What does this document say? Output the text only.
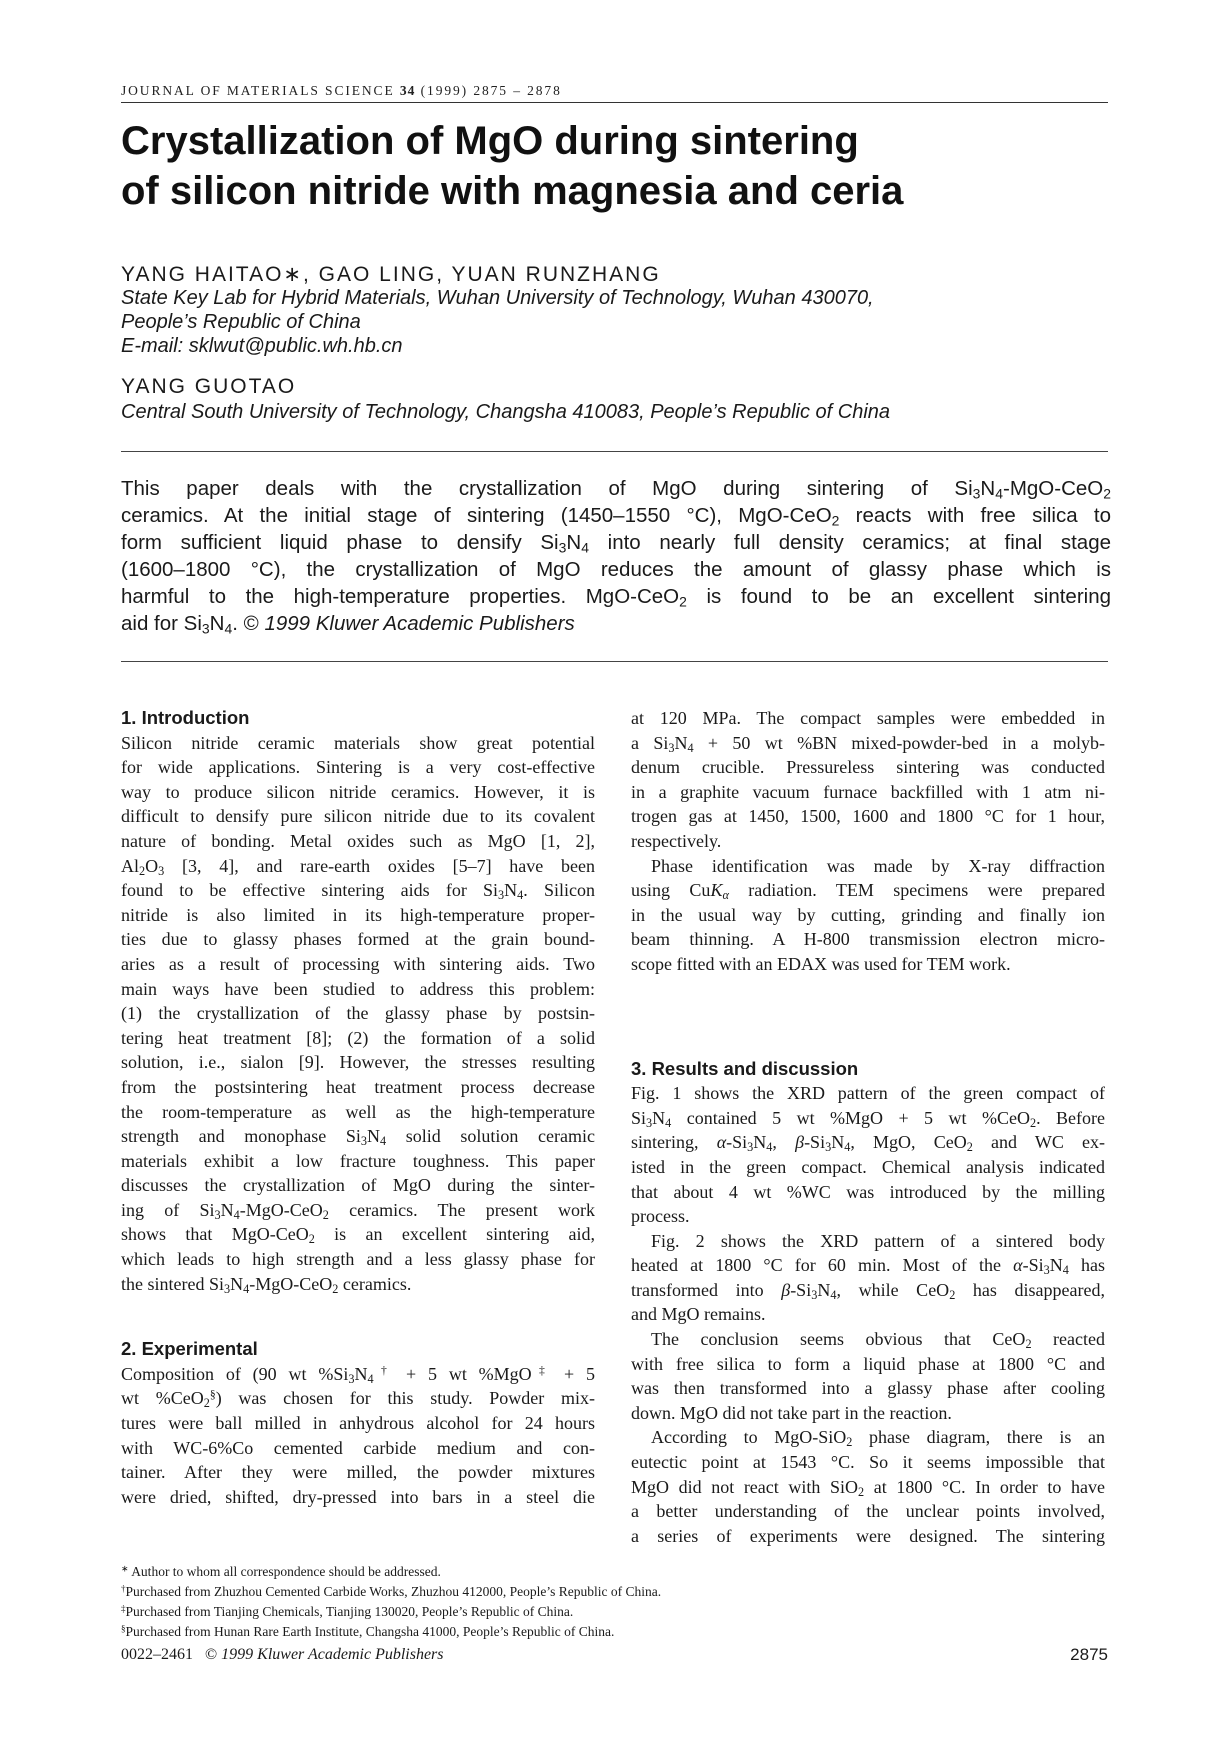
JOURNAL OF MATERIALS SCIENCE 34 (1999) 2875 – 2878
Crystallization of MgO during sintering
of silicon nitride with magnesia and ceria
YANG HAITAO∗, GAO LING, YUAN RUNZHANG
State Key Lab for Hybrid Materials, Wuhan University of Technology, Wuhan 430070,
People’s Republic of China
E-mail: sklwut@public.wh.hb.cn
YANG GUOTAO
Central South University of Technology, Changsha 410083, People’s Republic of China
This paper deals with the crystallization of MgO during sintering of $Si_3N_4-MgO-CeO_2$
ceramics. At the initial stage of sintering (1450–1550 °C), MgO-CeO$_2$ reacts with free silica to
form sufficient liquid phase to densify $Si_3N_4$ into nearly full density ceramics; at final stage
(1600–1800 °C), the crystallization of MgO reduces the amount of glassy phase which is
harmful to the high-temperature properties. MgO-CeO$_2$ is found to be an excellent sintering
aid for $Si_3N_4$. © 1999 Kluwer Academic Publishers
1. Introduction
Silicon nitride ceramic materials show great potential
for wide applications. Sintering is a very cost-effective
way to produce silicon nitride ceramics. However, it is
difficult to densify pure silicon nitride due to its covalent
nature of bonding. Metal oxides such as MgO [1, 2],
$Al_2O_3$ [3, 4], and rare-earth oxides [5–7] have been
found to be effective sintering aids for $Si_3N_4$. Silicon
nitride is also limited in its high-temperature proper-
ties due to glassy phases formed at the grain bound-
aries as a result of processing with sintering aids. Two
main ways have been studied to address this problem:
(1) the crystallization of the glassy phase by postsin-
tering heat treatment [8]; (2) the formation of a solid
solution, i.e., sialon [9]. However, the stresses resulting
from the postsintering heat treatment process decrease
the room-temperature as well as the high-temperature
strength and monophase $Si_3N_4$ solid solution ceramic
materials exhibit a low fracture toughness. This paper
discusses the crystallization of MgO during the sinter-
ing of $Si_3N_4-MgO-CeO_2$ ceramics. The present work
shows that MgO-CeO$_2$ is an excellent sintering aid,
which leads to high strength and a less glassy phase for
the sintered $Si_3N_4-MgO-CeO_2$ ceramics.
2. Experimental
Composition of (90 wt $\%Si_3N_4^\dagger + 5$ wt %MgO‡ + 5
wt %CeO$_2$§) was chosen for this study. Powder mix-
tures were ball milled in anhydrous alcohol for 24 hours
with WC-6%Co cemented carbide medium and con-
tainer. After they were milled, the powder mixtures
were dried, shifted, dry-pressed into bars in a steel die
at 120 MPa. The compact samples were embedded in
a $Si_3N_4 + 50$ wt %BN mixed-powder-bed in a molyb-
denum crucible. Pressureless sintering was conducted
in a graphite vacuum furnace backfilled with 1 atm ni-
trogen gas at 1450, 1500, 1600 and 1800 °C for 1 hour,
respectively.
Phase identification was made by X-ray diffraction
using CuK$_\alpha$ radiation. TEM specimens were prepared
in the usual way by cutting, grinding and finally ion
beam thinning. A H-800 transmission electron micro-
scope fitted with an EDAX was used for TEM work.
3. Results and discussion
Fig. 1 shows the XRD pattern of the green compact of
$Si_3N_4$ contained 5 wt %MgO + 5 wt %CeO$_2$. Before
sintering, $\alpha-Si_3N_4$, $\beta-Si_3N_4$, MgO, CeO$_2$ and WC ex-
isted in the green compact. Chemical analysis indicated
that about 4 wt %WC was introduced by the milling
process.
Fig. 2 shows the XRD pattern of a sintered body
heated at 1800 °C for 60 min. Most of the $\alpha-Si_3N_4$ has
transformed into $\beta-Si_3N_4$, while CeO$_2$ has disappeared,
and MgO remains.
The conclusion seems obvious that CeO$_2$ reacted
with free silica to form a liquid phase at 1800 °C and
was then transformed into a glassy phase after cooling
down. MgO did not take part in the reaction.
According to MgO-SiO$_2$ phase diagram, there is an
eutectic point at 1543 °C. So it seems impossible that
MgO did not react with SiO$_2$ at 1800 °C. In order to have
a better understanding of the unclear points involved,
a series of experiments were designed. The sintering
∗ Author to whom all correspondence should be addressed.
†Purchased from Zhuzhou Cemented Carbide Works, Zhuzhou 412000, People’s Republic of China.
‡Purchased from Tianjing Chemicals, Tianjing 130020, People’s Republic of China.
§Purchased from Hunan Rare Earth Institute, Changsha 41000, People’s Republic of China.
0022–2461   © 1999 Kluwer Academic Publishers	2875
